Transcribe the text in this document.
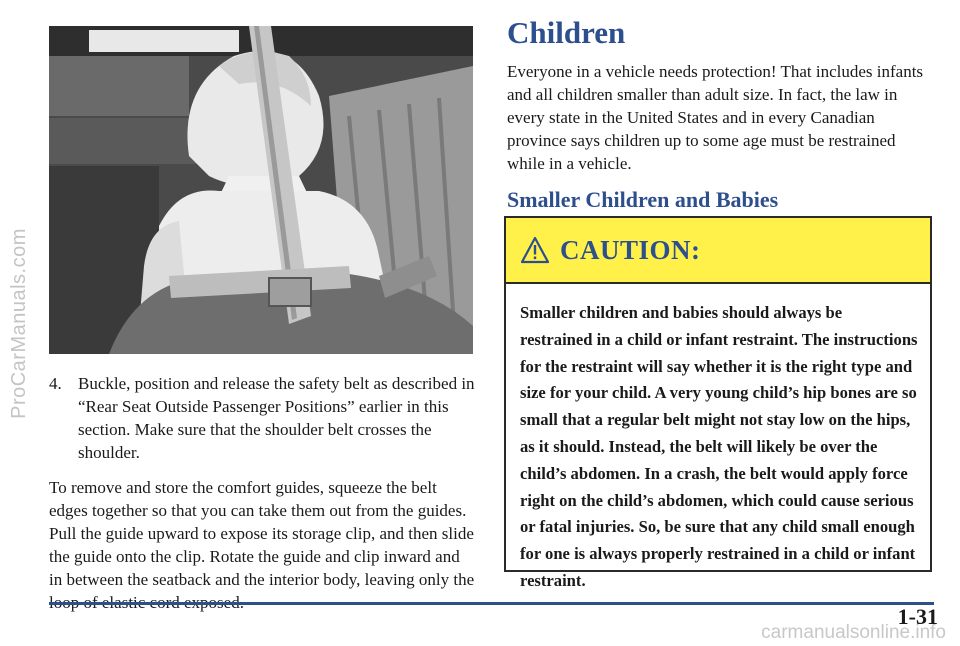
ProCarManuals.com 4. Buckle, position and release the safety belt as described in “Rear Seat Outside Passenger Positions” earlier in this section. Make sure that the shoulder belt crosses the shoulder.

To remove and store the comfort guides, squeeze the belt edges together so that you can take them out from the guides. Pull the guide upward to expose its storage clip, and then slide the guide onto the clip. Rotate the guide and clip inward and in between the seatback and the interior body, leaving only the

Children

Everyone in a vehicle needs protection! That includes infants and all children smaller than adult size. In fact, the law in every state in the United States and in every Canadian province says children up to some age must be restrained while in a vehicle.

Smaller Children and Babies
CAUTION:
Smaller children and babies should always be restrained in a child or infant restraint. The instructions for the restraint will say whether it is the right type and size for your child. A very young child’s hip bones are so small that a regular belt might not stay low on the hips, as it should. Instead, the belt will likely be over the child’s abdomen. In a crash, the belt would apply force right on the child’s abdomen, which could cause serious or fatal injuries. So, be sure that any child small enough for one is always properly restrained in a child or infant restraint.
1-31
carmanualsonline.info
